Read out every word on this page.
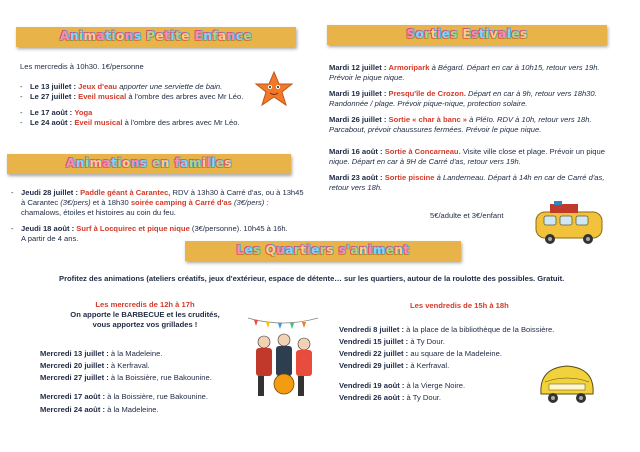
Animations Petite Enfance
Les mercredis à 10h30. 1€/personne
- Le 13 juillet : Jeux d'eau apporter une serviette de bain.
- Le 27 juillet : Eveil musical à l'ombre des arbres avec Mr Léo.
- Le 17 août : Yoga
- Le 24 août : Eveil musical à l'ombre des arbres avec Mr Léo.
Animations en familles
- Jeudi 28 juillet : Paddle géant à Carantec, RDV à 13h30 à Carré d'as, ou à 13h45
à Carantec (3€/pers) et à 18h30 soirée camping à Carré d'as (3€/pers) :
chamalows, étoiles et histoires au coin du feu.
- Jeudi 18 août : Surf à Locquirec et pique nique (3€/personne). 10h45 à 16h.
A partir de 4 ans.
Sorties Estivales
Mardi 12 juillet : Armoripark à Bégard. Départ en car à 10h15, retour vers 19h.
Prévoir le pique nique.
Mardi 19 juillet : Presqu'île de Crozon. Départ en car à 9h, retour vers 18h30.
Randonnée / plage. Prévoir pique-nique, protection solaire.
Mardi 26 juillet : Sortie « char à banc » à Pléïo. RDV à 10h, retour vers 18h.
Parcabout, prévoir chaussures fermées. Prévoir le pique nique.
Mardi 16 août : Sortie à Concarneau. Visite ville close et plage. Prévoir un pique
nique. Départ en car à 9H de Carré d'as, retour vers 19h.
Mardi 23 août : Sortie piscine à Landerneau. Départ à 14h en car de Carré d'as,
retour vers 18h.
5€/adulte et 3€/enfant
Les Quartiers s'animent
Profitez des animations (ateliers créatifs, jeux d'extérieur, espace de détente… sur les quartiers, autour de la roulotte des possibles. Gratuit.
Les mercredis de 12h à 17h
On apporte le BARBECUE et les crudités,
vous apportez vos grillades !
Mercredi 13 juillet : à la Madeleine.
Mercredi 20 juillet : à Kerfraval.
Mercredi 27 juillet : à la Boissière, rue Bakounine.
Mercredi 17 août : à la Boissière, rue Bakounine.
Mercredi 24 août : à la Madeleine.
Les vendredis de 15h à 18h
Vendredi 8 juillet : à la place de la bibliothèque de la Boissière.
Vendredi 15 juillet : à Ty Dour.
Vendredi 22 juillet : au square de la Madeleine.
Vendredi 29 juillet : à Kerfraval.
Vendredi 19 août : à la Vierge Noire.
Vendredi 26 août : à Ty Dour.
